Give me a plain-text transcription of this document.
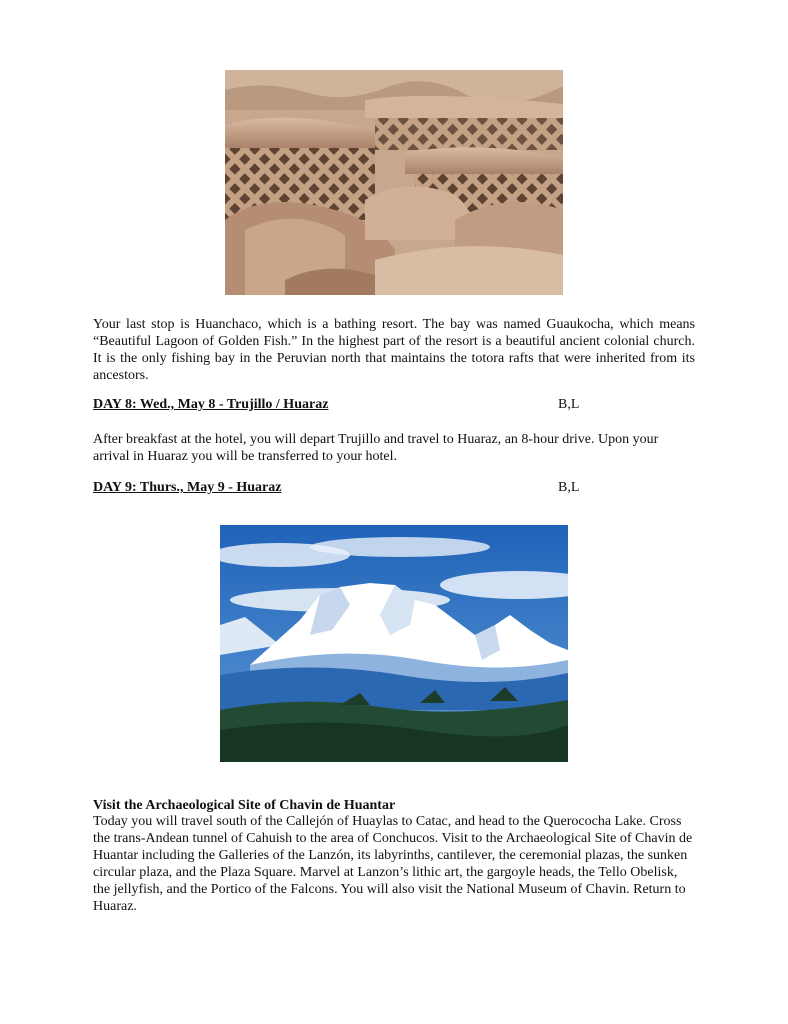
Your last stop is Huanchaco, which is a bathing resort. The bay was named Guaukocha, which means “Beautiful Lagoon of Golden Fish.” In the highest part of the resort is a beautiful ancient colonial church. It is the only fishing bay in the Peruvian north that maintains the totora rafts that were inherited from its ancestors.

DAY 8: Wed., May 8 - Trujillo / Huaraz	B,L

After breakfast at the hotel, you will depart Trujillo and travel to Huaraz, an 8-hour drive. Upon your arrival in Huaraz you will be transferred to your hotel.

DAY 9: Thurs., May 9 - Huaraz	B,L
Visit the Archaeological Site of Chavin de Huantar

Today you will travel south of the Callejón of Huaylas to Catac, and head to the Querococha Lake. Cross the trans-Andean tunnel of Cahuish to the area of Conchucos. Visit to the Archaeological Site of Chavin de Huantar including the Galleries of the Lanzón, its labyrinths, cantilever, the ceremonial plazas, the sunken circular plaza, and the Plaza Square. Marvel at Lanzon’s lithic art, the gargoyle heads, the Tello Obelisk, the jellyfish, and the Portico of the Falcons. You will also visit the National Museum of Chavin. Return to Huaraz.
